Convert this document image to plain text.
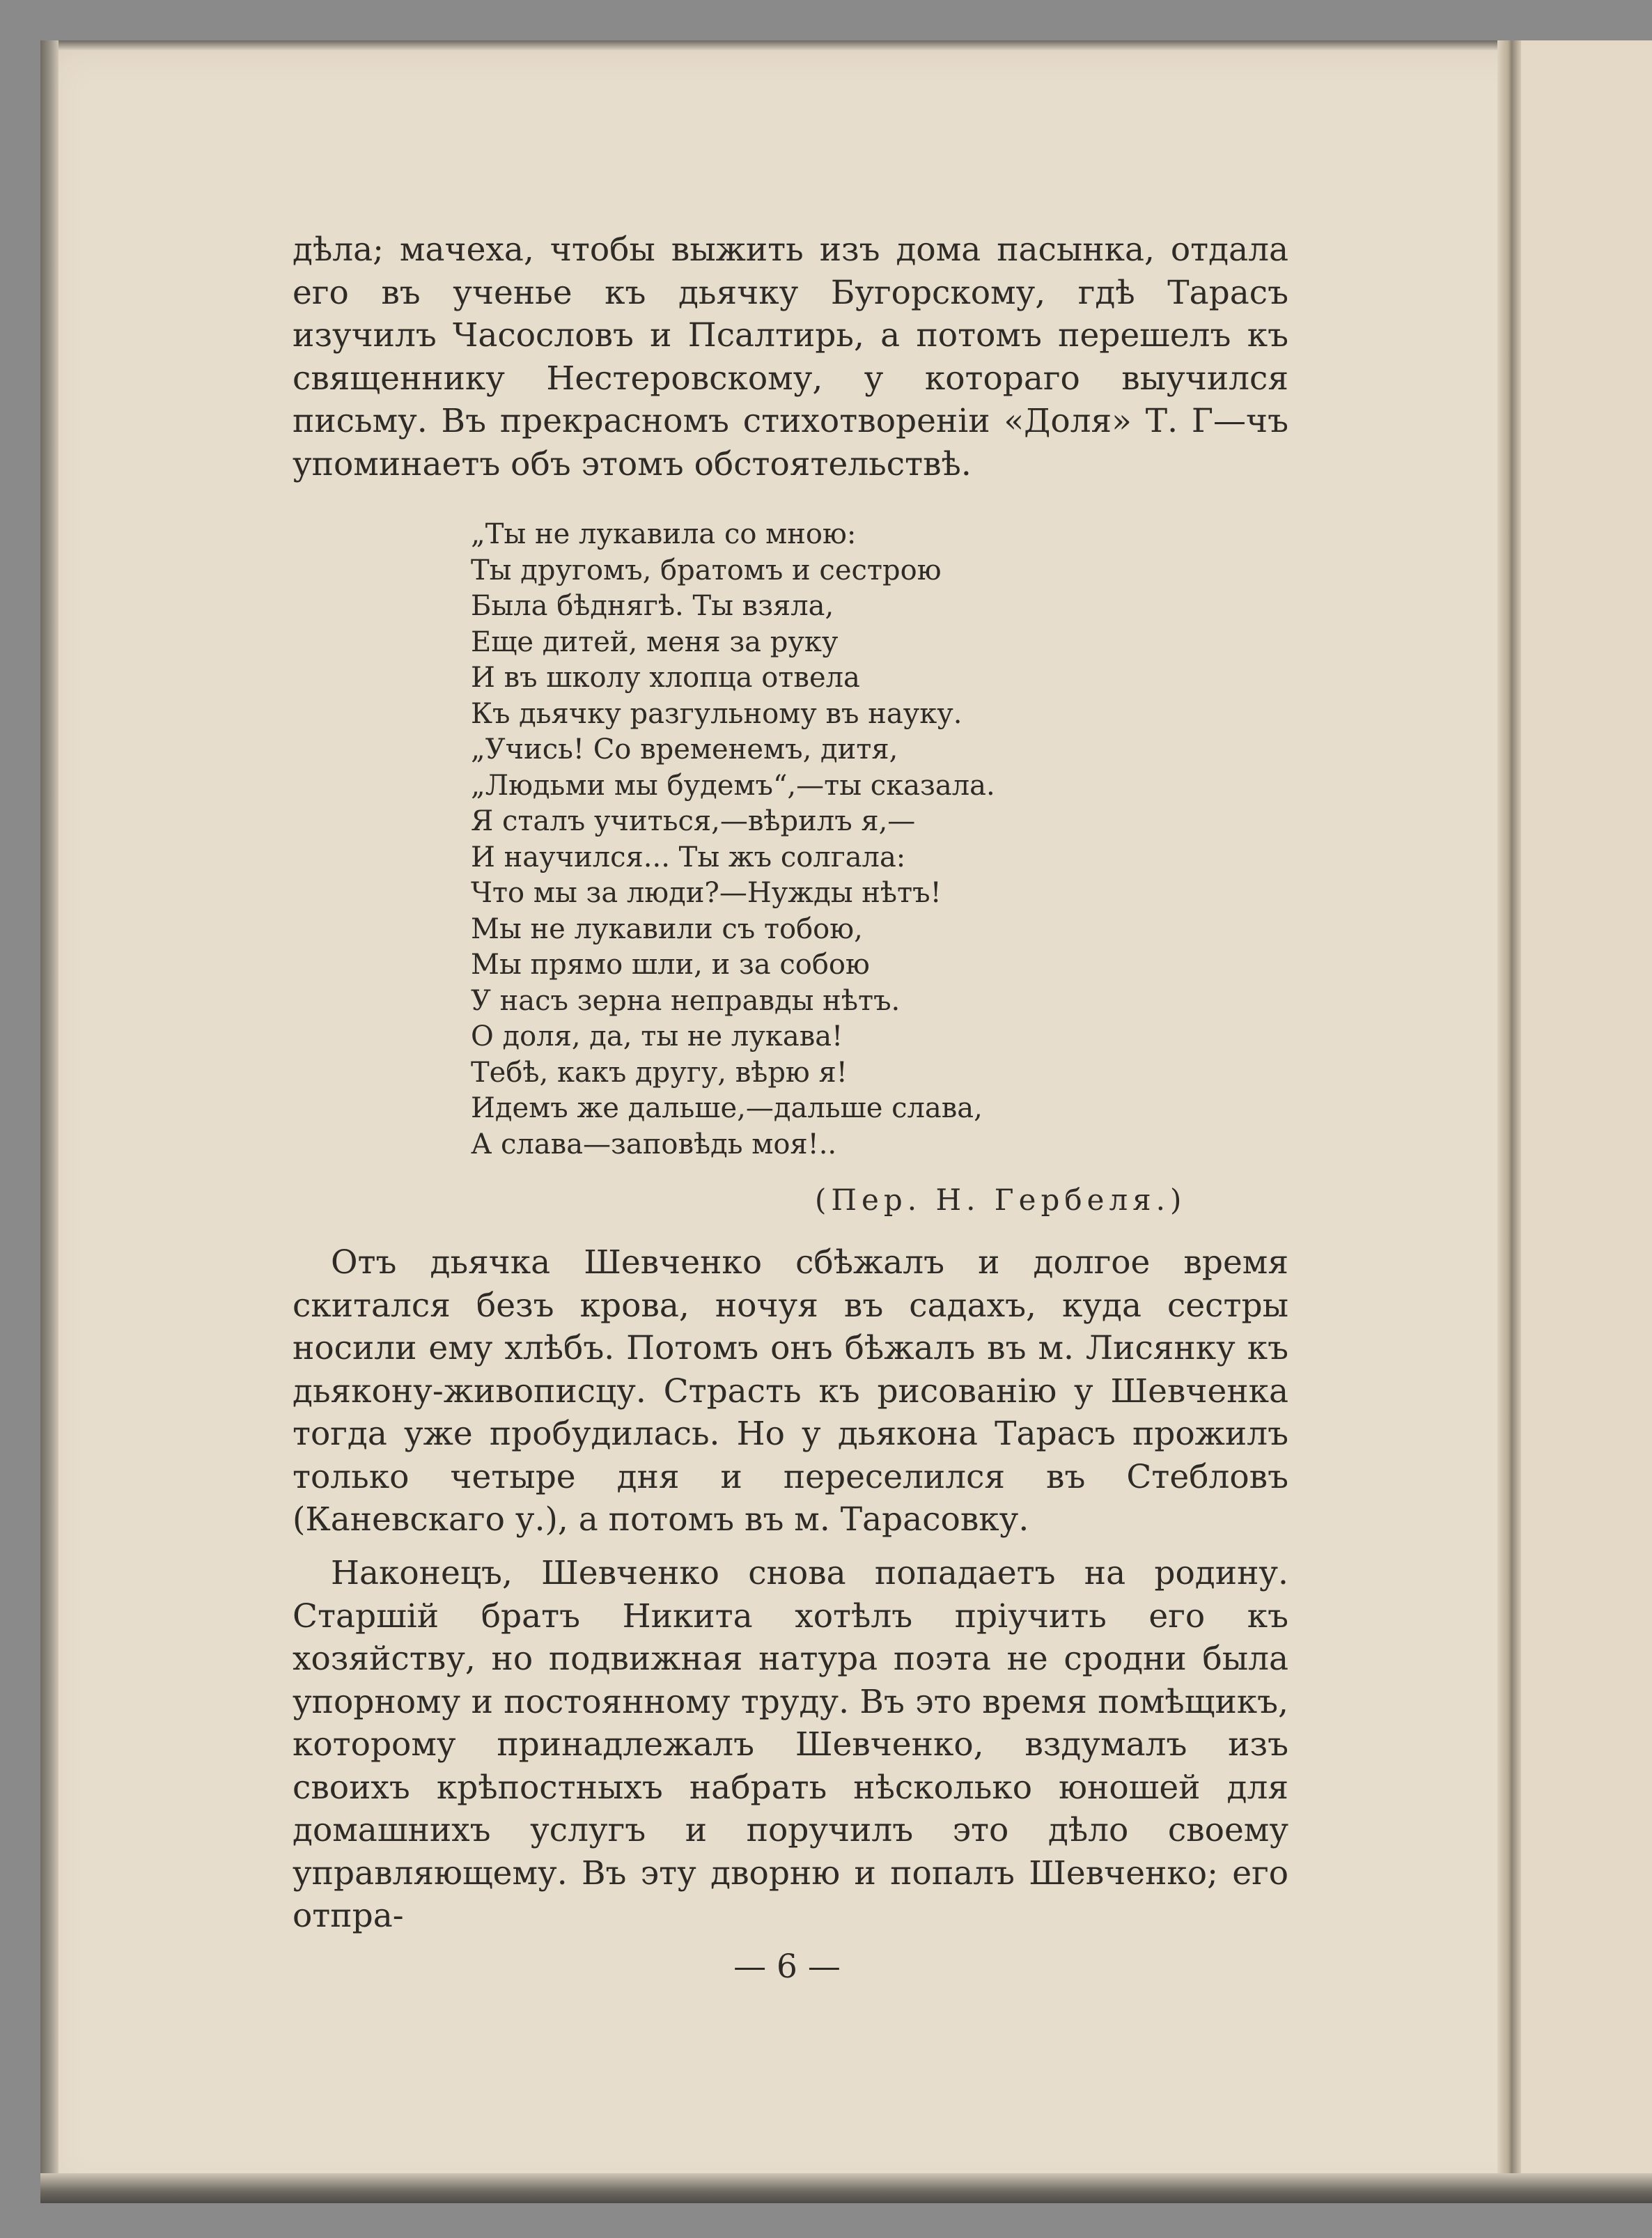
дѣла; мачеха, чтобы выжить изъ дома пасынка, отдала его въ ученье къ дьячку Бугорскому, гдѣ Тарасъ изучилъ Часословъ и Псалтирь, а потомъ перешелъ къ священнику Нестеровскому, у котораго выучился письму. Въ прекрасномъ стихотвореніи «Доля» Т. Г—чъ упоминаетъ объ этомъ обстоятельствѣ.
„Ты не лукавила со мною:
Ты другомъ, братомъ и сестрою
Была бѣднягѣ. Ты взяла,
Еще дитей, меня за руку
И въ школу хлопца отвела
Къ дьячку разгульному въ науку.
„Учись! Со временемъ, дитя,
„Людьми мы будемъ“,—ты сказала.
Я сталъ учиться,—вѣрилъ я,—
И научился... Ты жъ солгала:
Что мы за люди?—Нужды нѣтъ!
Мы не лукавили съ тобою,
Мы прямо шли, и за собою
У насъ зерна неправды нѣтъ.
О доля, да, ты не лукава!
Тебѣ, какъ другу, вѣрю я!
Идемъ же дальше,—дальше слава,
А слава—заповѣдь моя!..
(Пер. Н. Гербеля.)
Отъ дьячка Шевченко сбѣжалъ и долгое время скитался безъ крова, ночуя въ садахъ, куда сестры носили ему хлѣбъ. Потомъ онъ бѣжалъ въ м. Лисянку къ дьякону-живописцу. Страсть къ рисованію у Шевченка тогда уже пробудилась. Но у дьякона Тарасъ прожилъ только четыре дня и переселился въ Стебловъ (Каневскаго у.), а потомъ въ м. Тарасовку.
Наконецъ, Шевченко снова попадаетъ на родину. Старшій братъ Никита хотѣлъ пріучить его къ хозяйству, но подвижная натура поэта не сродни была упорному и постоянному труду. Въ это время помѣщикъ, которому принадлежалъ Шевченко, вздумалъ изъ своихъ крѣпостныхъ набрать нѣсколько юношей для домашнихъ услугъ и поручилъ это дѣло своему управляющему. Въ эту дворню и попалъ Шевченко; его отпра-
— 6 —
